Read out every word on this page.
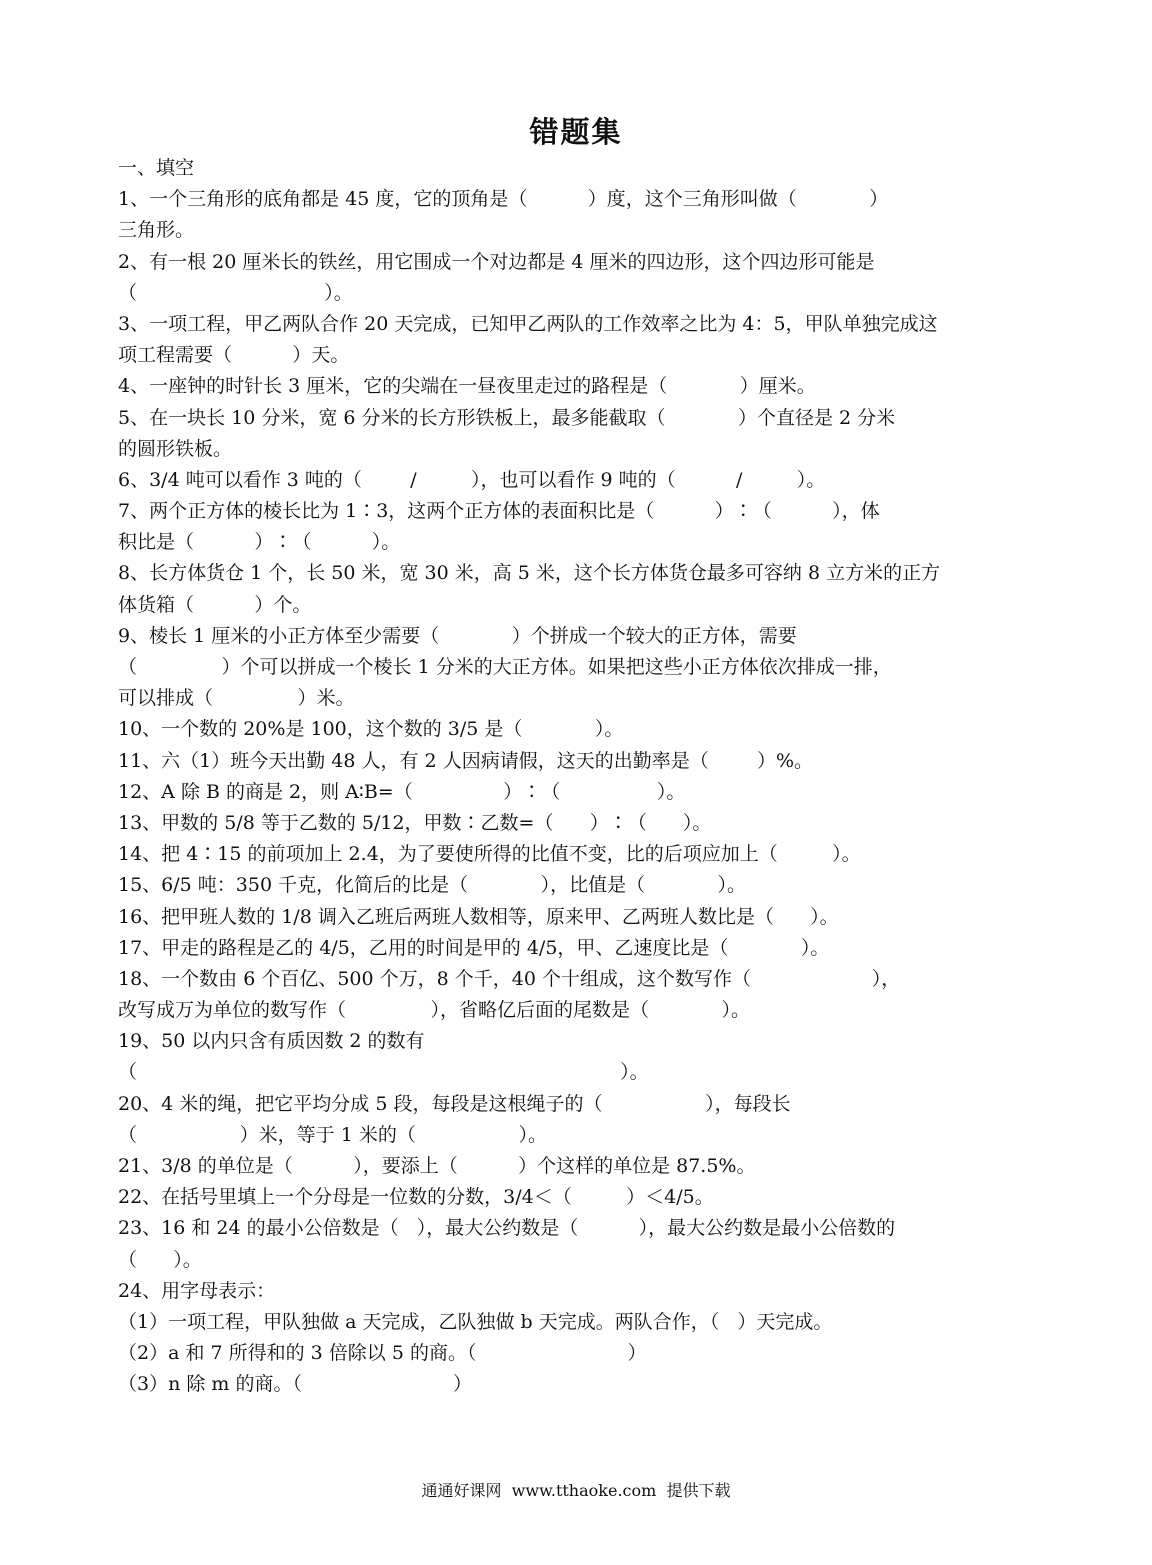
错题集
一、填空
1、一个三角形的底角都是 45 度，它的顶角是（          ）度，这个三角形叫做（            ）
三角形。
2、有一根 20 厘米长的铁丝，用它围成一个对边都是 4 厘米的四边形，这个四边形可能是
（                               ）。
3、一项工程，甲乙两队合作 20 天完成，已知甲乙两队的工作效率之比为 4：5，甲队单独完成这
项工程需要（          ）天。
4、一座钟的时针长 3 厘米，它的尖端在一昼夜里走过的路程是（            ）厘米。
5、在一块长 10 分米，宽 6 分米的长方形铁板上，最多能截取（            ）个直径是 2 分米
的圆形铁板。
6、3/4 吨可以看作 3 吨的（        /         ），也可以看作 9 吨的（          /         ）。
7、两个正方体的棱长比为 1∶3，这两个正方体的表面积比是（          ）∶（          ），体
积比是（          ）∶（          ）。
8、长方体货仓 1 个，长 50 米，宽 30 米，高 5 米，这个长方体货仓最多可容纳 8 立方米的正方
体货箱（          ）个。
9、棱长 1 厘米的小正方体至少需要（            ）个拼成一个较大的正方体，需要
（              ）个可以拼成一个棱长 1 分米的大正方体。如果把这些小正方体依次排成一排，
可以排成（              ）米。
10、一个数的 20%是 100，这个数的 3/5 是（            ）。
11、六（1）班今天出勤 48 人，有 2 人因病请假，这天的出勤率是（        ）%。
12、A 除 B 的商是 2，则 A∶B=（               ）∶（                ）。
13、甲数的 5/8 等于乙数的 5/12，甲数∶乙数=（      ）∶（      ）。
14、把 4∶15 的前项加上 2.4，为了要使所得的比值不变，比的后项应加上（         ）。
15、6/5 吨：350 千克，化简后的比是（            ），比值是（            ）。
16、把甲班人数的 1/8 调入乙班后两班人数相等，原来甲、乙两班人数比是（      ）。
17、甲走的路程是乙的 4/5，乙用的时间是甲的 4/5，甲、乙速度比是（            ）。
18、一个数由 6 个百亿、500 个万，8 个千，40 个十组成，这个数写作（                    ），
改写成万为单位的数写作（              ），省略亿后面的尾数是（            ）。
19、50 以内只含有质因数 2 的数有
（                                                                                ）。
20、4 米的绳，把它平均分成 5 段，每段是这根绳子的（                 ），每段长
（                 ）米，等于 1 米的（                 ）。
21、3/8 的单位是（          ），要添上（          ）个这样的单位是 87.5%。
22、在括号里填上一个分母是一位数的分数，3/4＜（         ）＜4/5。
23、16 和 24 的最小公倍数是（   ），最大公约数是（          ），最大公约数是最小公倍数的
（      ）。
24、用字母表示：
（1）一项工程，甲队独做 a 天完成，乙队独做 b 天完成。两队合作，（   ）天完成。
（2）a 和 7 所得和的 3 倍除以 5 的商。（                         ）
（3）n 除 m 的商。（                         ）
通通好课网  www.tthaoke.com  提供下载
